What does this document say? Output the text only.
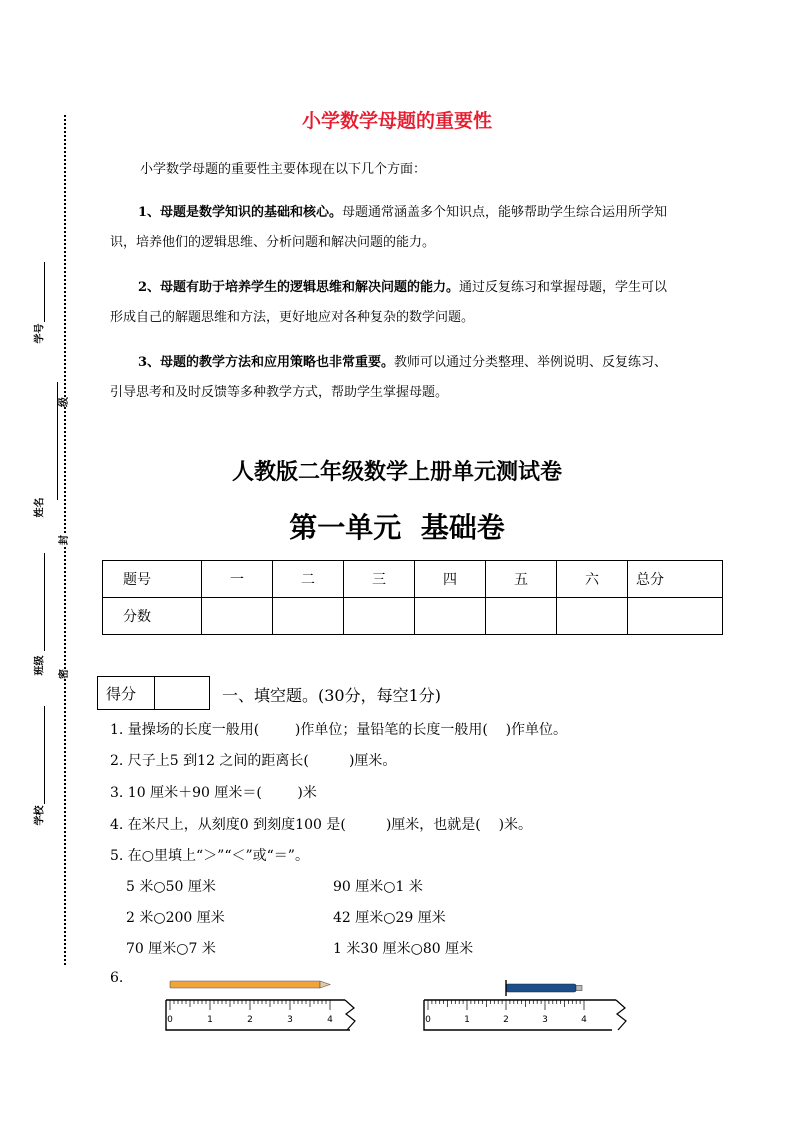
学号
级
姓名
封
班级 密
学校
小学数学母题的重要性
小学数学母题的重要性主要体现在以下几个方面：
1、母题是数学知识的基础和核心。母题通常涵盖多个知识点，能够帮助学生综合运用所学知
识，培养他们的逻辑思维、分析问题和解决问题的能力。
2、母题有助于培养学生的逻辑思维和解决问题的能力。通过反复练习和掌握母题，学生可以
形成自己的解题思维和方法，更好地应对各种复杂的数学问题。
3、母题的教学方法和应用策略也非常重要。教师可以通过分类整理、举例说明、反复练习、
引导思考和及时反馈等多种教学方式，帮助学生掌握母题。
人教版二年级数学上册单元测试卷
第一单元  基础卷
题号	一	二	三	四	五	六	总分
分数							
得分		一、填空题。(30分，每空1分)
1. 量操场的长度一般用(        )作单位；量铅笔的长度一般用(    )作单位。
2. 尺子上5 到12 之间的距离长(         )厘米。
3. 10 厘米＋90 厘米＝(        )米
4. 在米尺上，从刻度0 到刻度100 是(         )厘米，也就是(    )米。
5. 在○里填上“＞”“＜”或“＝”。
5 米○50 厘米	90 厘米○1 米
2 米○200 厘米	42 厘米○29 厘米
70 厘米○7 米	1 米30 厘米○80 厘米
6.
0	1	2	3	4	0	1	2	3	4
